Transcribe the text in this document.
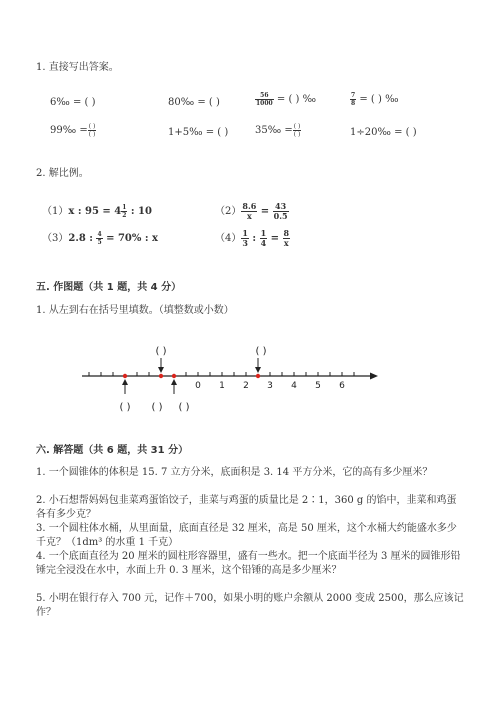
1. 直接写出答案。
6‰ = ( )	80‰ = ( )	$\frac{56}{1000}$ = ( ) ‰	$\frac{7}{8}$ = ( ) ‰
99‰ = $\frac{( )}{( )}$	1+5‰ = ( )	35‰ = $\frac{( )}{( )}$	1÷20‰ = ( )
2. 解比例。
（1）x : $95 = 4 \frac{1}{2}$ : 10	$(2) \frac{8.6}{x} = \frac{43}{0.5}$
（3）2.8 : $\frac{4}{5} = 70\%$ : x	$(4) \frac{1}{3}$ : $\frac{1}{4} = \frac{8}{x}$
五. 作图题（共 1 题，共 4 分）
1. 从左到右在括号里填数。（填整数或小数）
0 1 2 3 4 5 6
( )	( )
( ) ( ) ( )
六. 解答题（共 6 题，共 31 分）
1. 一个圆锥体的体积是 15. 7 立方分米，底面积是 3. 14 平方分米，它的高有多少厘米？
2. 小石想帮妈妈包韭菜鸡蛋馅饺子，韭菜与鸡蛋的质量比是 2∶1，360 g 的馅中，韭菜和鸡蛋各有多少克？
3. 一个圆柱体水桶，从里面量，底面直径是 32 厘米，高是 50 厘米，这个水桶大约能盛水多少千克？（1dm³ 的水重 1 千克）
4. 一个底面直径为 20 厘米的圆柱形容器里，盛有一些水。把一个底面半径为 3 厘米的圆锥形铅锤完全浸没在水中，水面上升 0. 3 厘米，这个铅锤的高是多少厘米？
5. 小明在银行存入 700 元，记作＋700，如果小明的账户余额从 2000 变成 2500，那么应该记作？
